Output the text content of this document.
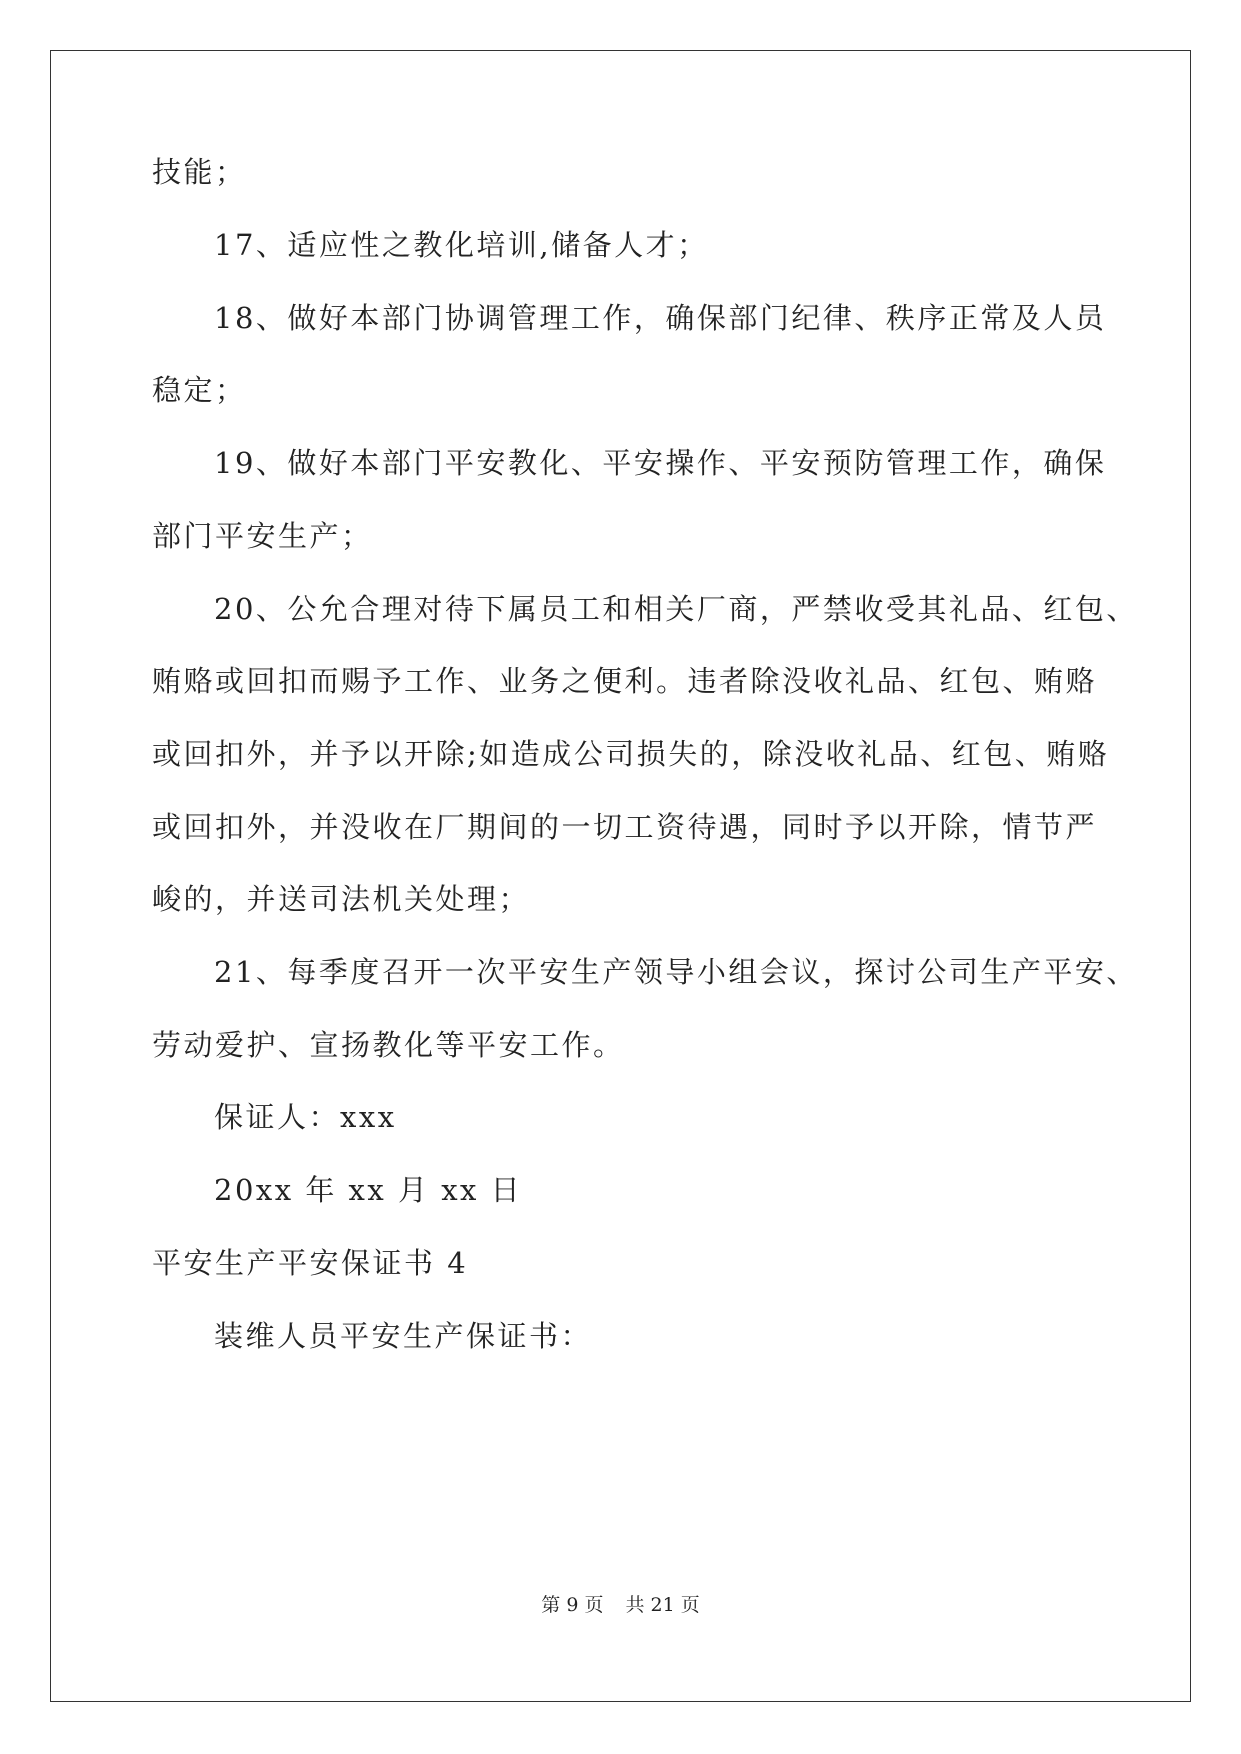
技能；
17、适应性之教化培训,储备人才；
18、做好本部门协调管理工作，确保部门纪律、秩序正常及人员
稳定；
19、做好本部门平安教化、平安操作、平安预防管理工作，确保
部门平安生产；
20、公允合理对待下属员工和相关厂商，严禁收受其礼品、红包、
贿赂或回扣而赐予工作、业务之便利。违者除没收礼品、红包、贿赂
或回扣外，并予以开除;如造成公司损失的，除没收礼品、红包、贿赂
或回扣外，并没收在厂期间的一切工资待遇，同时予以开除，情节严
峻的，并送司法机关处理；
21、每季度召开一次平安生产领导小组会议，探讨公司生产平安、
劳动爱护、宣扬教化等平安工作。
保证人：xxx
20xx 年 xx 月 xx 日
平安生产平安保证书 4
装维人员平安生产保证书：
第 9 页 共 21 页
